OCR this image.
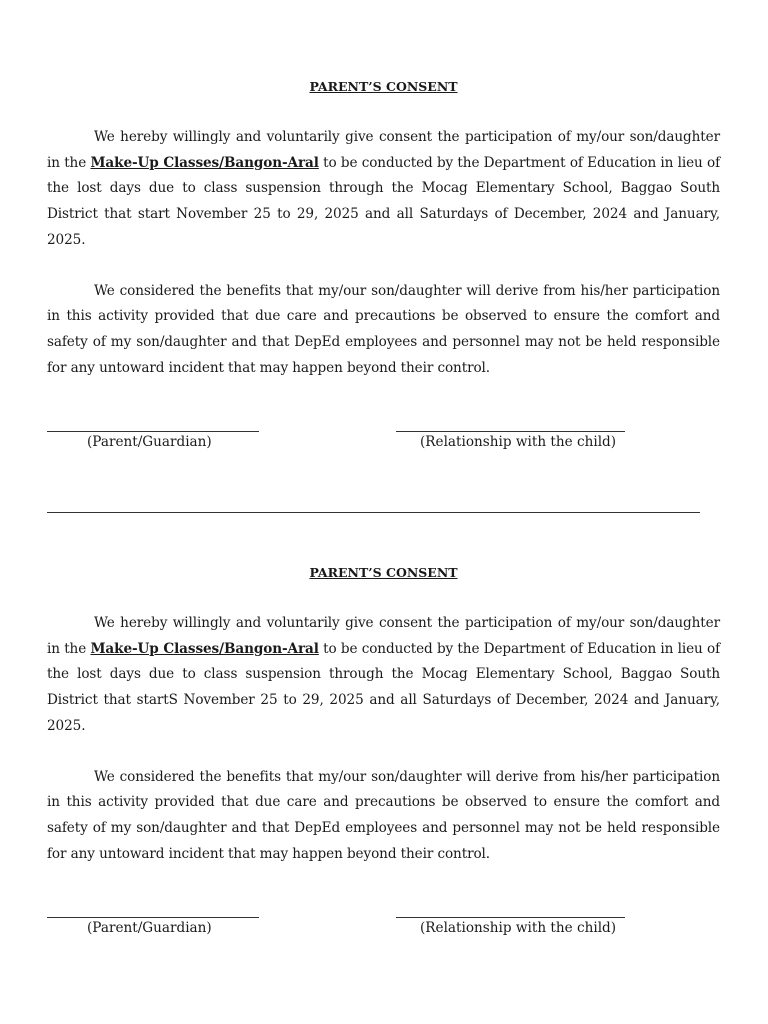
PARENT’S CONSENT

We hereby willingly and voluntarily give consent the participation of my/our son/daughter in the Make-Up Classes/Bangon-Aral to be conducted by the Department of Education in lieu of the lost days due to class suspension through the Mocag Elementary School, Baggao South District that start November 25 to 29, 2025 and all Saturdays of December, 2024 and January, 2025.

We considered the benefits that my/our son/daughter will derive from his/her participation in this activity provided that due care and precautions be observed to ensure the comfort and safety of my son/daughter and that DepEd employees and personnel may not be held responsible for any untoward incident that may happen beyond their control.

(Parent/Guardian)	(Relationship with the child)

PARENT’S CONSENT

We hereby willingly and voluntarily give consent the participation of my/our son/daughter in the Make-Up Classes/Bangon-Aral to be conducted by the Department of Education in lieu of the lost days due to class suspension through the Mocag Elementary School, Baggao South District that startS November 25 to 29, 2025 and all Saturdays of December, 2024 and January, 2025.

We considered the benefits that my/our son/daughter will derive from his/her participation in this activity provided that due care and precautions be observed to ensure the comfort and safety of my son/daughter and that DepEd employees and personnel may not be held responsible for any untoward incident that may happen beyond their control.

(Parent/Guardian)	(Relationship with the child)
